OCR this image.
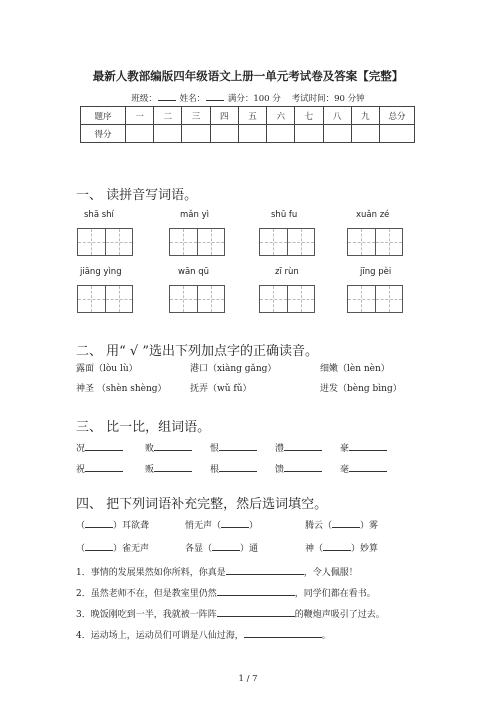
最新人教部编版四年级语文上册一单元考试卷及答案【完整】
班级：	姓名：	满分：100 分 考试时间：90 分钟
题序	一	二	三	四	五	六	七	八	九	总分
得分										
一、 读拼音写词语。
shā shí	mǎn yì	shū fu	xuǎn zé
jiāng yìng	wān qū	zī rùn	jīng pèi
二、 用“ √ ”选出下列加点字的正确读音。
露面（lòu lù）	港口（xiàng gǎng）	细嫩（lèn nèn）
神圣 （shèn shèng）	抚弄（wǔ fǔ）	迸发（bèng bìng）
三、 比一比，组词语。
况	败	恨	澧	豪
祝	贩	根	馈	毫
四、 把下列词语补充完整，然后选词填空。
（	）耳欲聋	悄无声（	）	腾云（	）雾
（	）雀无声	各显（	）通	神（	）妙算
1．事情的发展果然如你所料，你真是	，令人佩服！
2．虽然老师不在，但是教室里仍然	，同学们都在看书。
3．晚饭刚吃到一半，我就被一阵阵	的鞭炮声吸引了过去。
4．运动场上，运动员们可谓是八仙过海，	。
1 / 7
